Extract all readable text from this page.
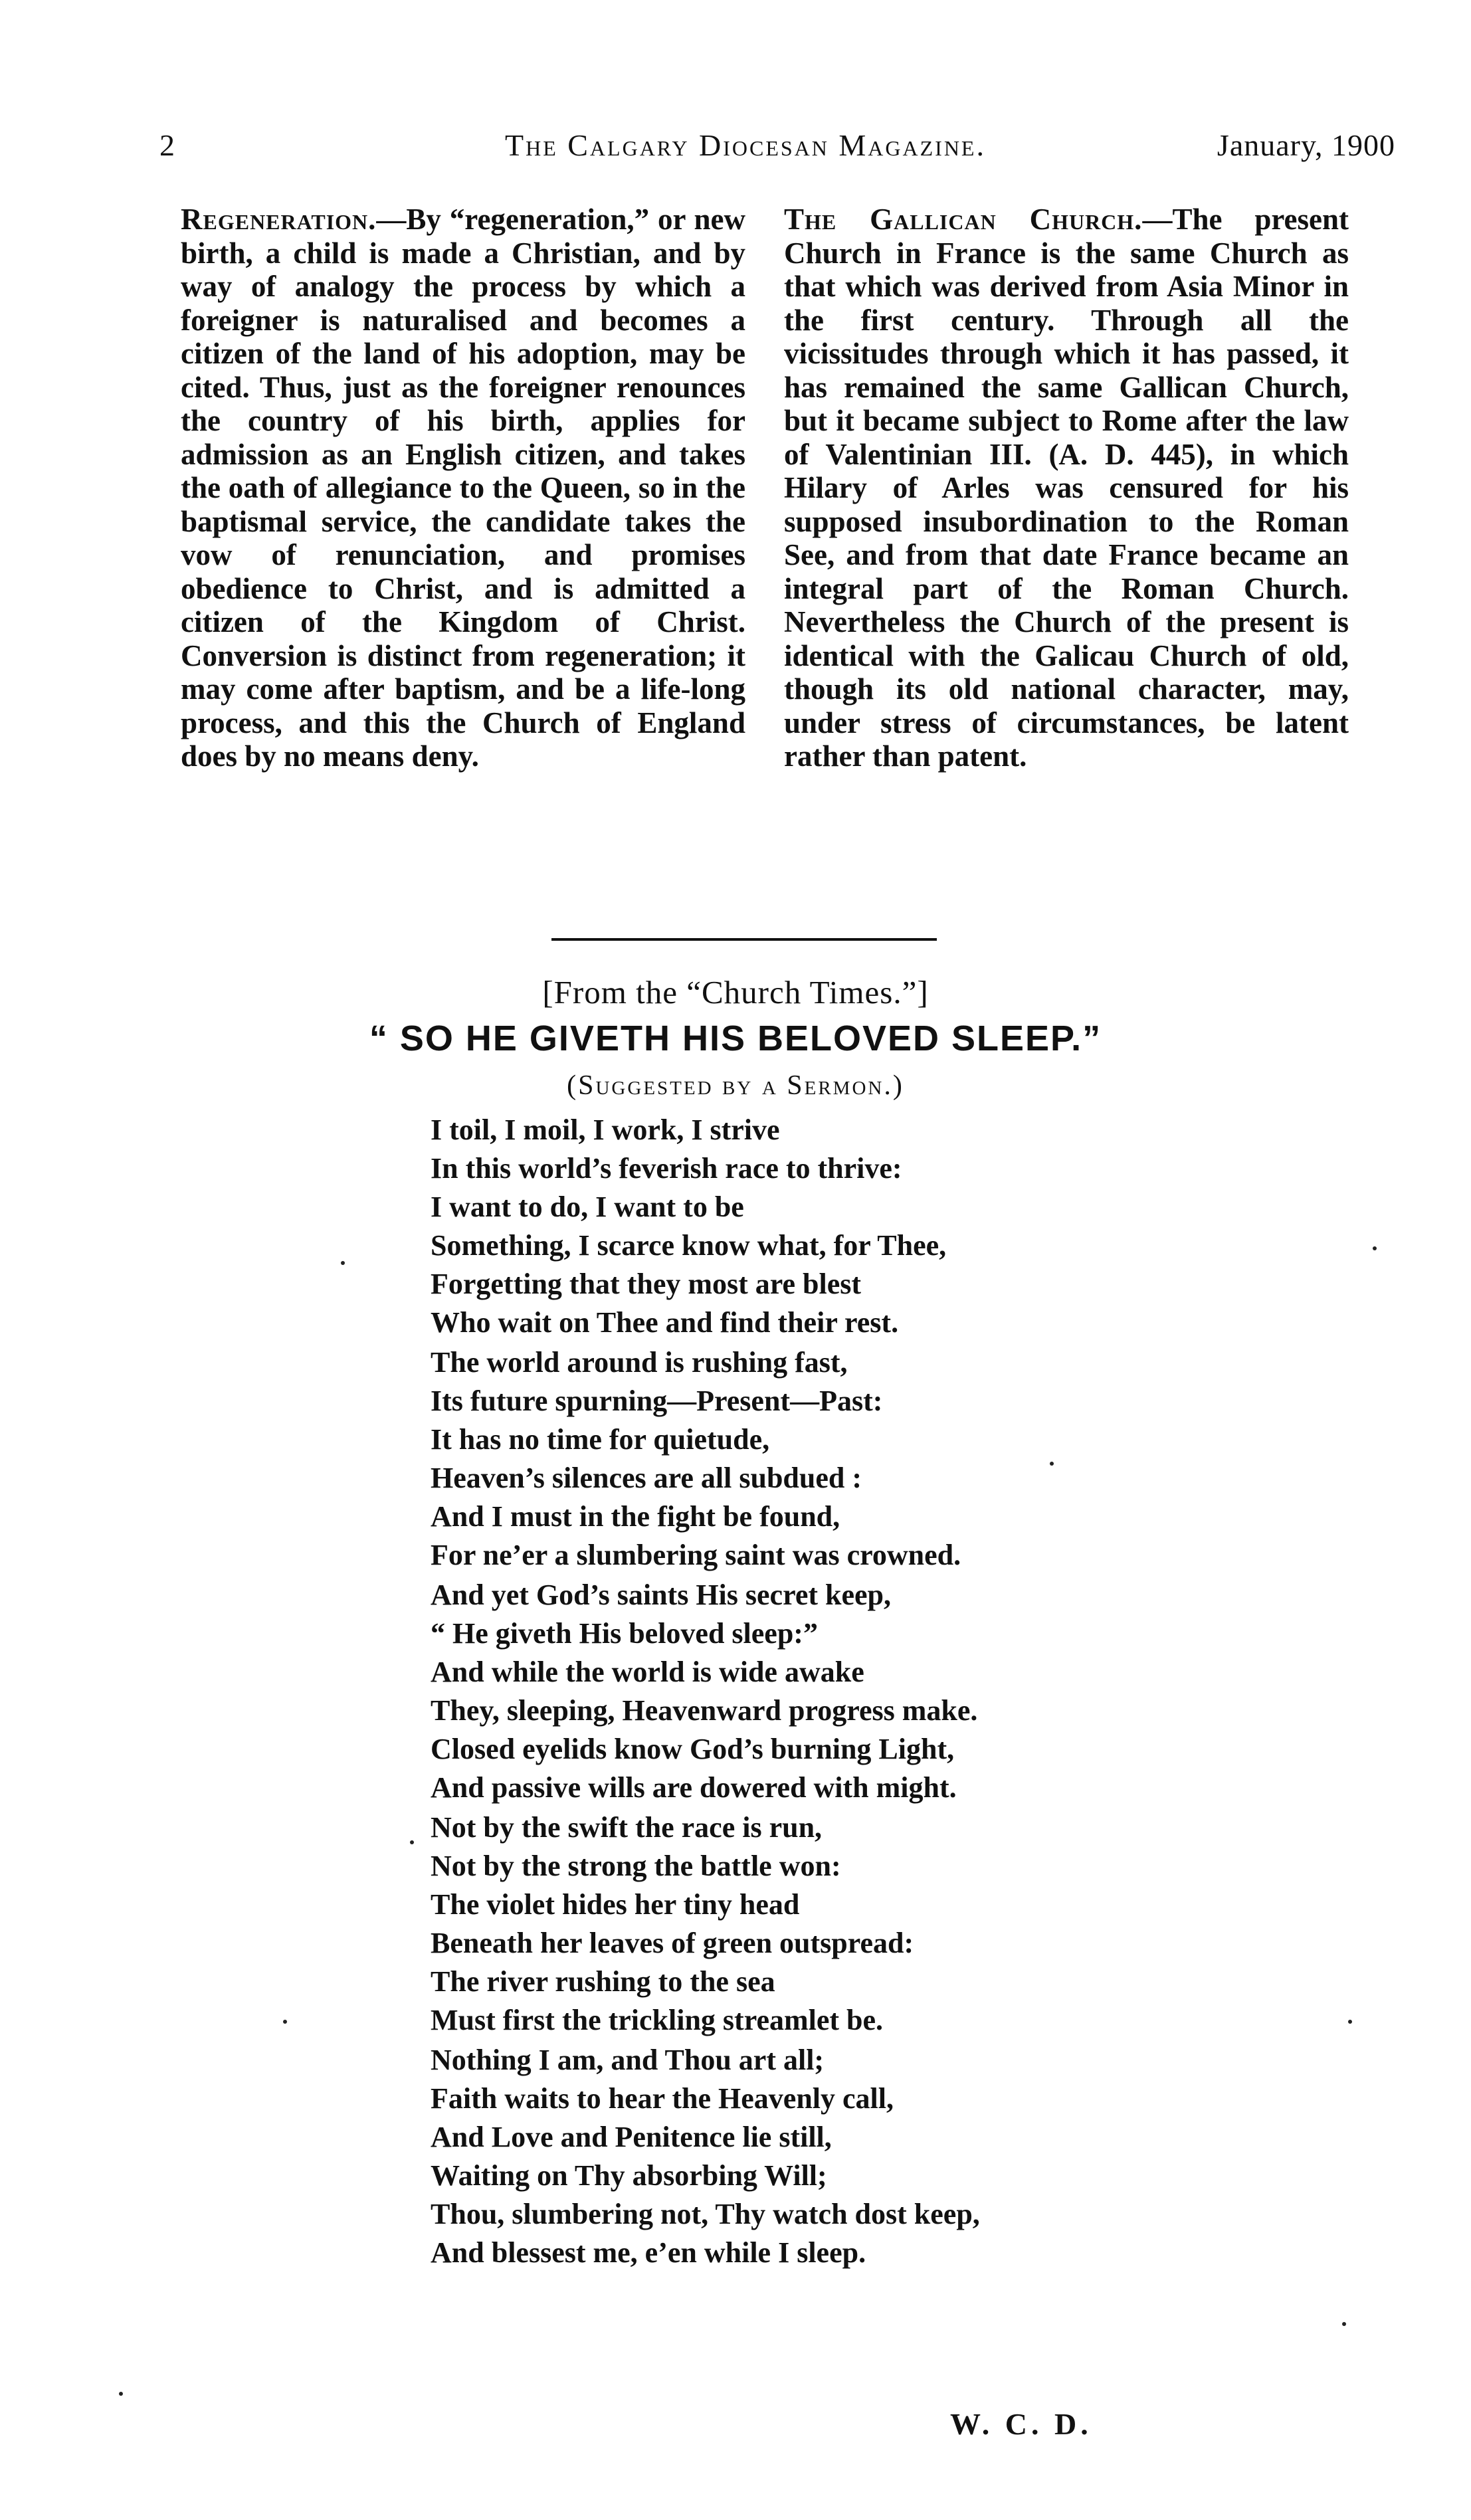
2	The Calgary Diocesan Magazine.	January, 1900

Regeneration.—By “regeneration,” or new birth, a child is made a Christian, and by way of analogy the process by which a foreigner is naturalised and becomes a citizen of the land of his adoption, may be cited. Thus, just as the foreigner renounces the country of his birth, applies for admission as an English citizen, and takes the oath of allegiance to the Queen, so in the baptismal service, the candidate takes the vow of renunciation, and promises obedience to Christ, and is admitted a citizen of the Kingdom of Christ. Conversion is distinct from regeneration; it may come after baptism, and be a life-long process, and this the Church of England does by no means deny.

The Gallican Church.—The present Church in France is the same Church as that which was derived from Asia Minor in the first century. Through all the vicissitudes through which it has passed, it has remained the same Gallican Church, but it became subject to Rome after the law of Valentinian III. (A. D. 445), in which Hilary of Arles was censured for his supposed insubordination to the Roman See, and from that date France became an integral part of the Roman Church. Nevertheless the Church of the present is identical with the Galicau Church of old, though its old national character, may, under stress of circumstances, be latent rather than patent.

[From the “Church Times.”]
“ SO HE GIVETH HIS BELOVED SLEEP.”
(Suggested by a Sermon.)
I toil, I moil, I work, I strive
In this world’s feverish race to thrive:
I want to do, I want to be
Something, I scarce know what, for Thee,
Forgetting that they most are blest
Who wait on Thee and find their rest.
The world around is rushing fast,
Its future spurning—Present—Past:
It has no time for quietude,
Heaven’s silences are all subdued :
And I must in the fight be found,
For ne’er a slumbering saint was crowned.
And yet God’s saints His secret keep,
“ He giveth His beloved sleep:”
And while the world is wide awake
They, sleeping, Heavenward progress make.
Closed eyelids know God’s burning Light,
And passive wills are dowered with might.
Not by the swift the race is run,
Not by the strong the battle won:
The violet hides her tiny head
Beneath her leaves of green outspread:
The river rushing to the sea
Must first the trickling streamlet be.
Nothing I am, and Thou art all;
Faith waits to hear the Heavenly call,
And Love and Penitence lie still,
Waiting on Thy absorbing Will;
Thou, slumbering not, Thy watch dost keep,
And blessest me, e’en while I sleep.
W. C. D.
